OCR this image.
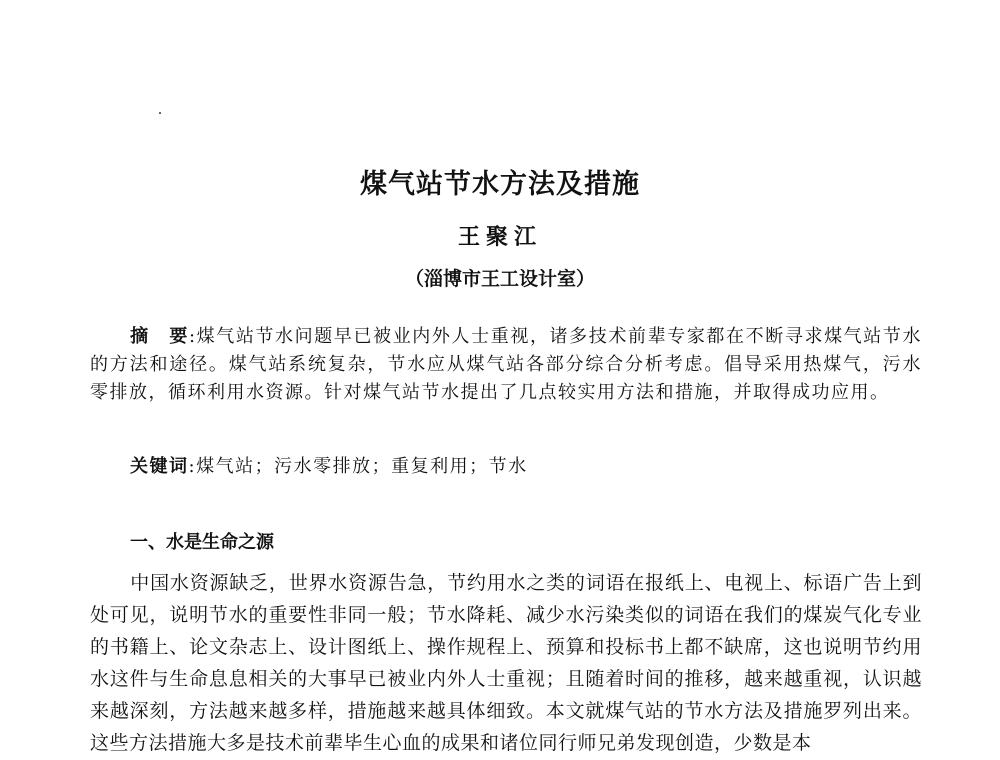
煤气站节水方法及措施
王聚江
（淄博市王工设计室）
摘　要:煤气站节水问题早已被业内外人士重视，诸多技术前辈专家都在不断寻求煤气站节水的方法和途径。煤气站系统复杂，节水应从煤气站各部分综合分析考虑。倡导采用热煤气，污水零排放，循环利用水资源。针对煤气站节水提出了几点较实用方法和措施，并取得成功应用。
关键词:煤气站；污水零排放；重复利用；节水
一、水是生命之源
中国水资源缺乏，世界水资源告急，节约用水之类的词语在报纸上、电视上、标语广告上到处可见，说明节水的重要性非同一般；节水降耗、减少水污染类似的词语在我们的煤炭气化专业的书籍上、论文杂志上、设计图纸上、操作规程上、预算和投标书上都不缺席，这也说明节约用水这件与生命息息相关的大事早已被业内外人士重视；且随着时间的推移，越来越重视，认识越来越深刻，方法越来越多样，措施越来越具体细致。本文就煤气站的节水方法及措施罗列出来。这些方法措施大多是技术前辈毕生心血的成果和诸位同行师兄弟发现创造，少数是本
